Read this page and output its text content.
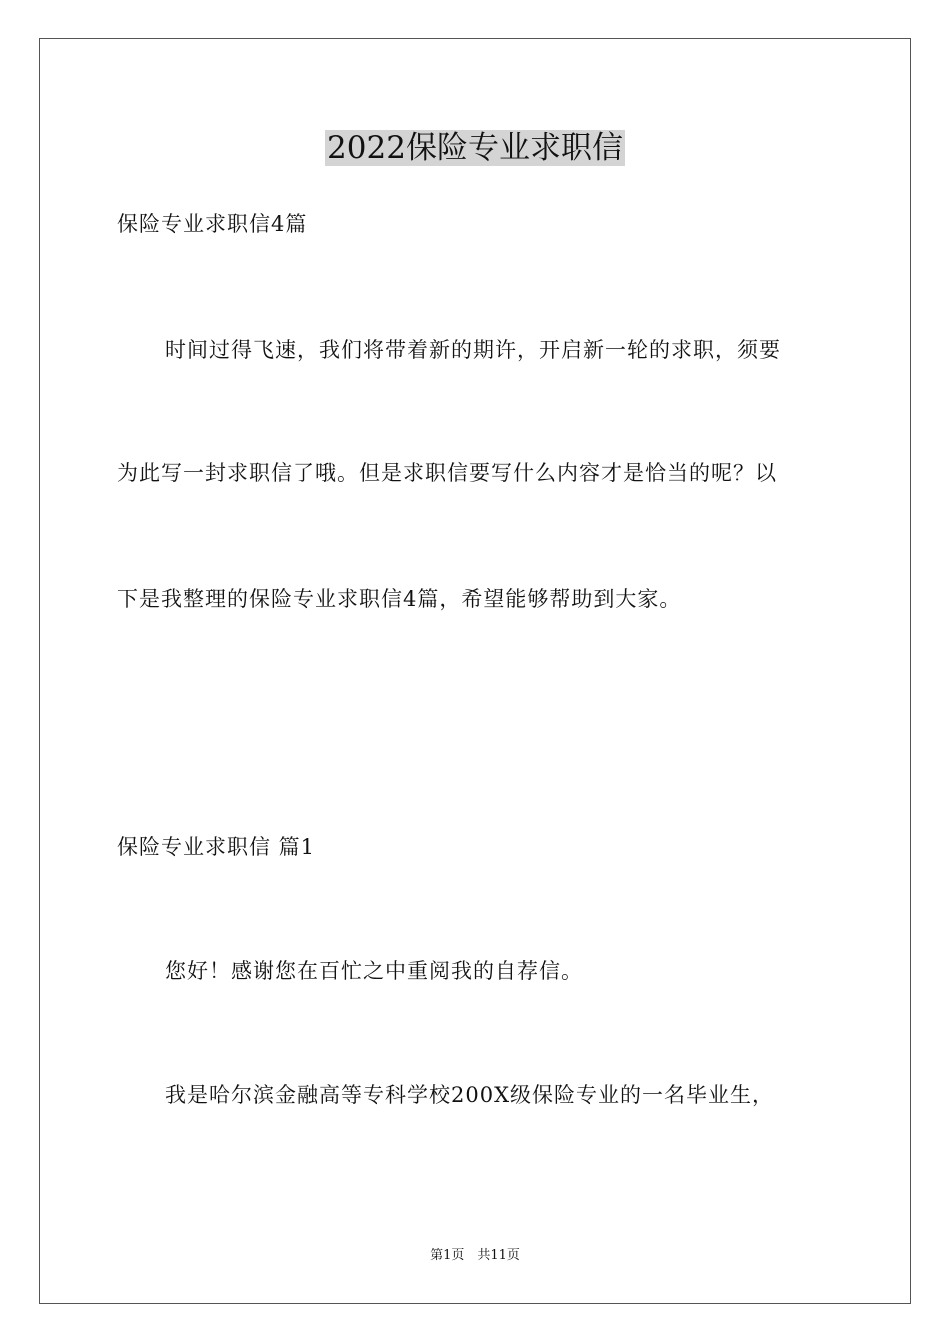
2022保险专业求职信

保险专业求职信4篇

时间过得飞速，我们将带着新的期许，开启新一轮的求职，须要

为此写一封求职信了哦。但是求职信要写什么内容才是恰当的呢？以

下是我整理的保险专业求职信4篇，希望能够帮助到大家。

保险专业求职信 篇1

您好！感谢您在百忙之中重阅我的自荐信。

我是哈尔滨金融高等专科学校200X级保险专业的一名毕业生，

第1页　共11页
